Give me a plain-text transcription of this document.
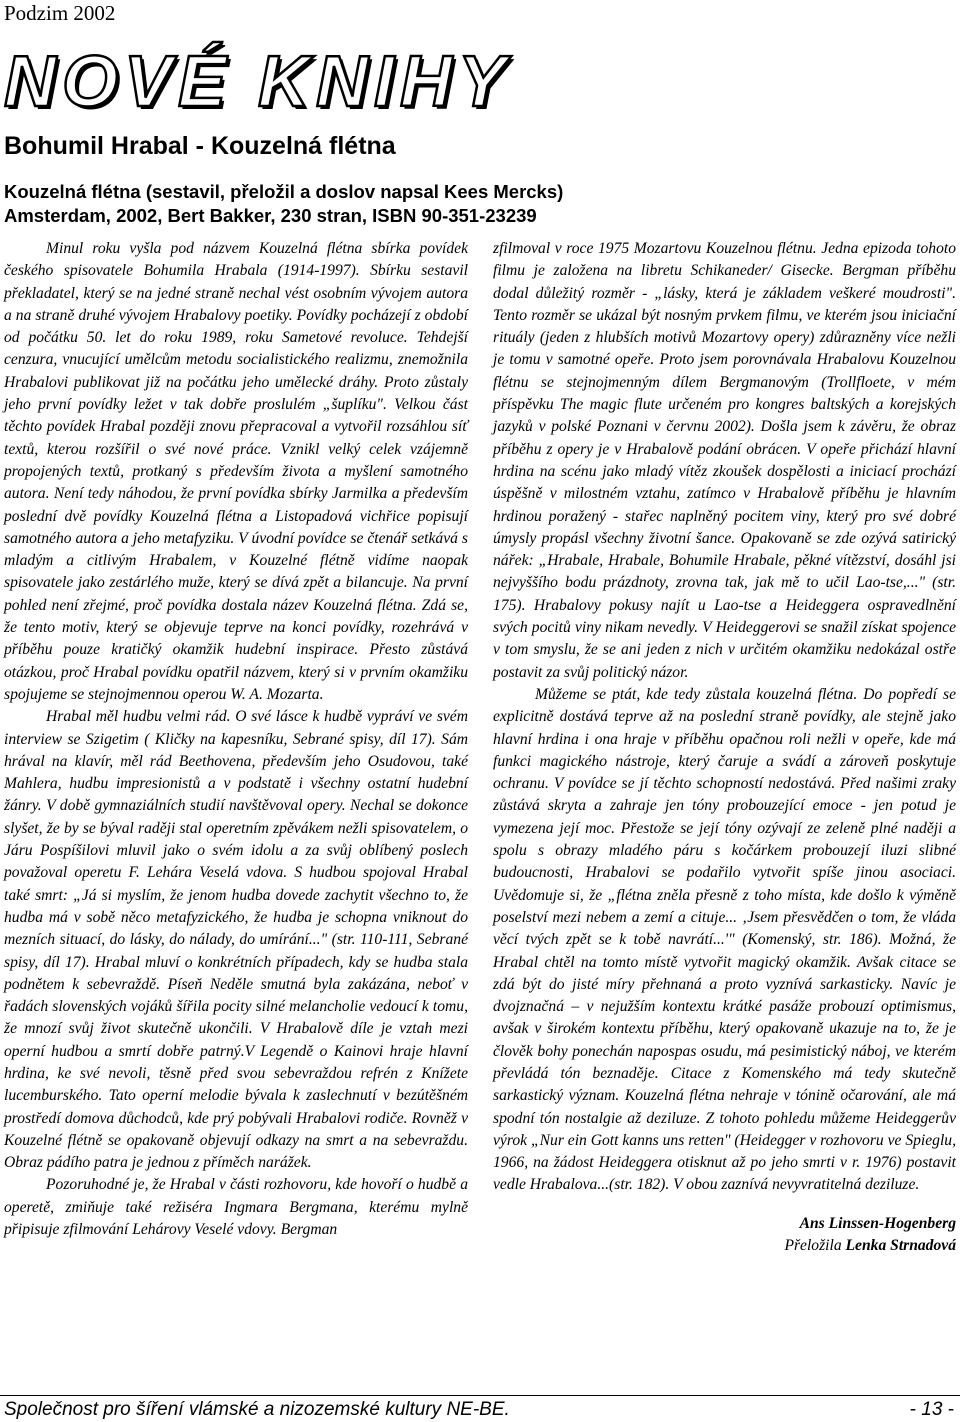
Podzim 2002
NOVÉ KNIHY
Bohumil Hrabal - Kouzelná flétna
Kouzelná flétna (sestavil, přeložil a doslov napsal Kees Mercks)
Amsterdam, 2002, Bert Bakker, 230 stran, ISBN 90-351-23239

Minul roku vyšla pod názvem Kouzelná flétna sbírka povídek českého spisovatele Bohumila Hrabala (1914-1997). Sbírku sestavil překladatel, který se na jedné straně nechal vést osobním vývojem autora a na straně druhé vývojem Hrabalovy poetiky. Povídky pocházejí z období od počátku 50. let do roku 1989, roku Sametové revoluce. Tehdejší cenzura, vnucující umělcům metodu socialistického realizmu, znemožnila Hrabalovi publikovat již na počátku jeho umělecké dráhy. Proto zůstaly jeho první povídky ležet v tak dobře proslulém „šuplíku". Velkou část těchto povídek Hrabal později znovu přepracoval a vytvořil rozsáhlou síť textů, kterou rozšířil o své nové práce. Vznikl velký celek vzájemně propojených textů, protkaný s především života a myšlení samotného autora. Není tedy náhodou, že první povídka sbírky Jarmilka a především poslední dvě povídky Kouzelná flétna a Listopadová vichřice popisují samotného autora a jeho metafyziku. V úvodní povídce se čtenář setkává s mladým a citlivým Hrabalem, v Kouzelné flétně vidíme naopak spisovatele jako zestárlého muže, který se dívá zpět a bilancuje. Na první pohled není zřejmé, proč povídka dostala název Kouzelná flétna. Zdá se, že tento motiv, který se objevuje teprve na konci povídky, rozehrává v příběhu pouze kratičký okamžik hudební inspirace. Přesto zůstává otázkou, proč Hrabal povídku opatřil názvem, který si v prvním okamžiku spojujeme se stejnojmennou operou W. A. Mozarta.

Hrabal měl hudbu velmi rád. O své lásce k hudbě vypráví ve svém interview se Szigetim ( Kličky na kapesníku, Sebrané spisy, díl 17). Sám hrával na klavír, měl rád Beethovena, především jeho Osudovou, také Mahlera, hudbu impresionistů a v podstatě i všechny ostatní hudební žánry. V době gymnaziálních studií navštěvoval opery. Nechal se dokonce slyšet, že by se býval raději stal operetním zpěvákem nežli spisovatelem, o Járu Pospíšilovi mluvil jako o svém idolu a za svůj oblíbený poslech považoval operetu F. Lehára Veselá vdova. S hudbou spojoval Hrabal také smrt: „Já si myslím, že jenom hudba dovede zachytit všechno to, že hudba má v sobě něco metafyzického, že hudba je schopna vniknout do mezních situací, do lásky, do nálady, do umírání..." (str. 110-111, Sebrané spisy, díl 17). Hrabal mluví o konkrétních případech, kdy se hudba stala podnětem k sebevraždě. Píseň Neděle smutná byla zakázána, neboť v řadách slovenských vojáků šířila pocity silné melancholie vedoucí k tomu, že mnozí svůj život skutečně ukončili. V Hrabalově díle je vztah mezi operní hudbou a smrtí dobře patrný.V Legendě o Kainovi hraje hlavní hrdina, ke své nevoli, těsně před svou sebevraždou refrén z Knížete lucemburského. Tato operní melodie bývala k zaslechnutí v bezútěšném prostředí domova důchodců, kde prý pobývali Hrabalovi rodiče. Rovněž v Kouzelné flétně se opakovaně objevují odkazy na smrt a na sebevraždu. Obraz pádího patra je jednou z příměch narážek.

Pozoruhodné je, že Hrabal v části rozhovoru, kde hovoří o hudbě a operetě, zmiňuje také režiséra Ingmara Bergmana, kterému mylně připisuje zfilmování Lehárovy Veselé vdovy. Bergman

zfilmoval v roce 1975 Mozartovu Kouzelnou flétnu. Jedna epizoda tohoto filmu je založena na libretu Schikaneder/ Gisecke. Bergman příběhu dodal důležitý rozměr - „lásky, která je základem veškeré moudrosti". Tento rozměr se ukázal být nosným prvkem filmu, ve kterém jsou iniciační rituály (jeden z hlubších motivů Mozartovy opery) zdůrazněny více nežli je tomu v samotné opeře. Proto jsem porovnávala Hrabalovu Kouzelnou flétnu se stejnojmenným dílem Bergmanovým (Trollfloete, v mém příspěvku The magic flute určeném pro kongres baltských a korejských jazyků v polské Poznani v červnu 2002). Došla jsem k závěru, že obraz příběhu z opery je v Hrabalově podání obrácen. V opeře přichází hlavní hrdina na scénu jako mladý vítěz zkoušek dospělosti a iniciací prochází úspěšně v milostném vztahu, zatímco v Hrabalově příběhu je hlavním hrdinou poražený - stařec naplněný pocitem viny, který pro své dobré úmysly propásl všechny životní šance. Opakovaně se zde ozývá satirický nářek: „Hrabale, Hrabale, Bohumile Hrabale, pěkné vítězství, dosáhl jsi nejvyššího bodu prázdnoty, zrovna tak, jak mě to učil Lao-tse,..." (str. 175). Hrabalovy pokusy najít u Lao-tse a Heideggera ospravedlnění svých pocitů viny nikam nevedly. V Heideggerovi se snažil získat spojence v tom smyslu, že se ani jeden z nich v určitém okamžiku nedokázal ostře postavit za svůj politický názor.

Můžeme se ptát, kde tedy zůstala kouzelná flétna. Do popředí se explicitně dostává teprve až na poslední straně povídky, ale stejně jako hlavní hrdina i ona hraje v příběhu opačnou roli nežli v opeře, kde má funkci magického nástroje, který čaruje a svádí a zároveň poskytuje ochranu. V povídce se jí těchto schopností nedostává. Před našimi zraky zůstává skryta a zahraje jen tóny probouzející emoce - jen potud je vymezena její moc. Přestože se její tóny ozývají ze zeleně plné naději a spolu s obrazy mladého páru s kočárkem probouzejí iluzi slibné budoucnosti, Hrabalovi se podařilo vytvořit spíše jinou asociaci. Uvědomuje si, že „flétna zněla přesně z toho místa, kde došlo k výměně poselství mezi nebem a zemí a cituje... ‚Jsem přesvědčen o tom, že vláda věcí tvých zpět se k tobě navrátí...'" (Komenský, str. 186). Možná, že Hrabal chtěl na tomto místě vytvořit magický okamžik. Avšak citace se zdá být do jisté míry přehnaná a proto vyznívá sarkasticky. Navíc je dvojznačná – v nejužším kontextu krátké pasáže probouzí optimismus, avšak v širokém kontextu příběhu, který opakovaně ukazuje na to, že je člověk bohy ponechán napospas osudu, má pesimistický náboj, ve kterém převládá tón beznaděje. Citace z Komenského má tedy skutečně sarkastický význam. Kouzelná flétna nehraje v tónině očarování, ale má spodní tón nostalgie až deziluze. Z tohoto pohledu můžeme Heideggerův výrok „Nur ein Gott kanns uns retten" (Heidegger v rozhovoru ve Spieglu, 1966, na žádost Heideggera otisknut až po jeho smrti v r. 1976) postavit vedle Hrabalova...(str. 182). V obou zaznívá nevyvratitelná deziluze.

Ans Linssen-Hogenberg

Přeložila Lenka Strnadová

Společnost pro šíření vlámské a nizozemské kultury NE-BE.	- 13 -
